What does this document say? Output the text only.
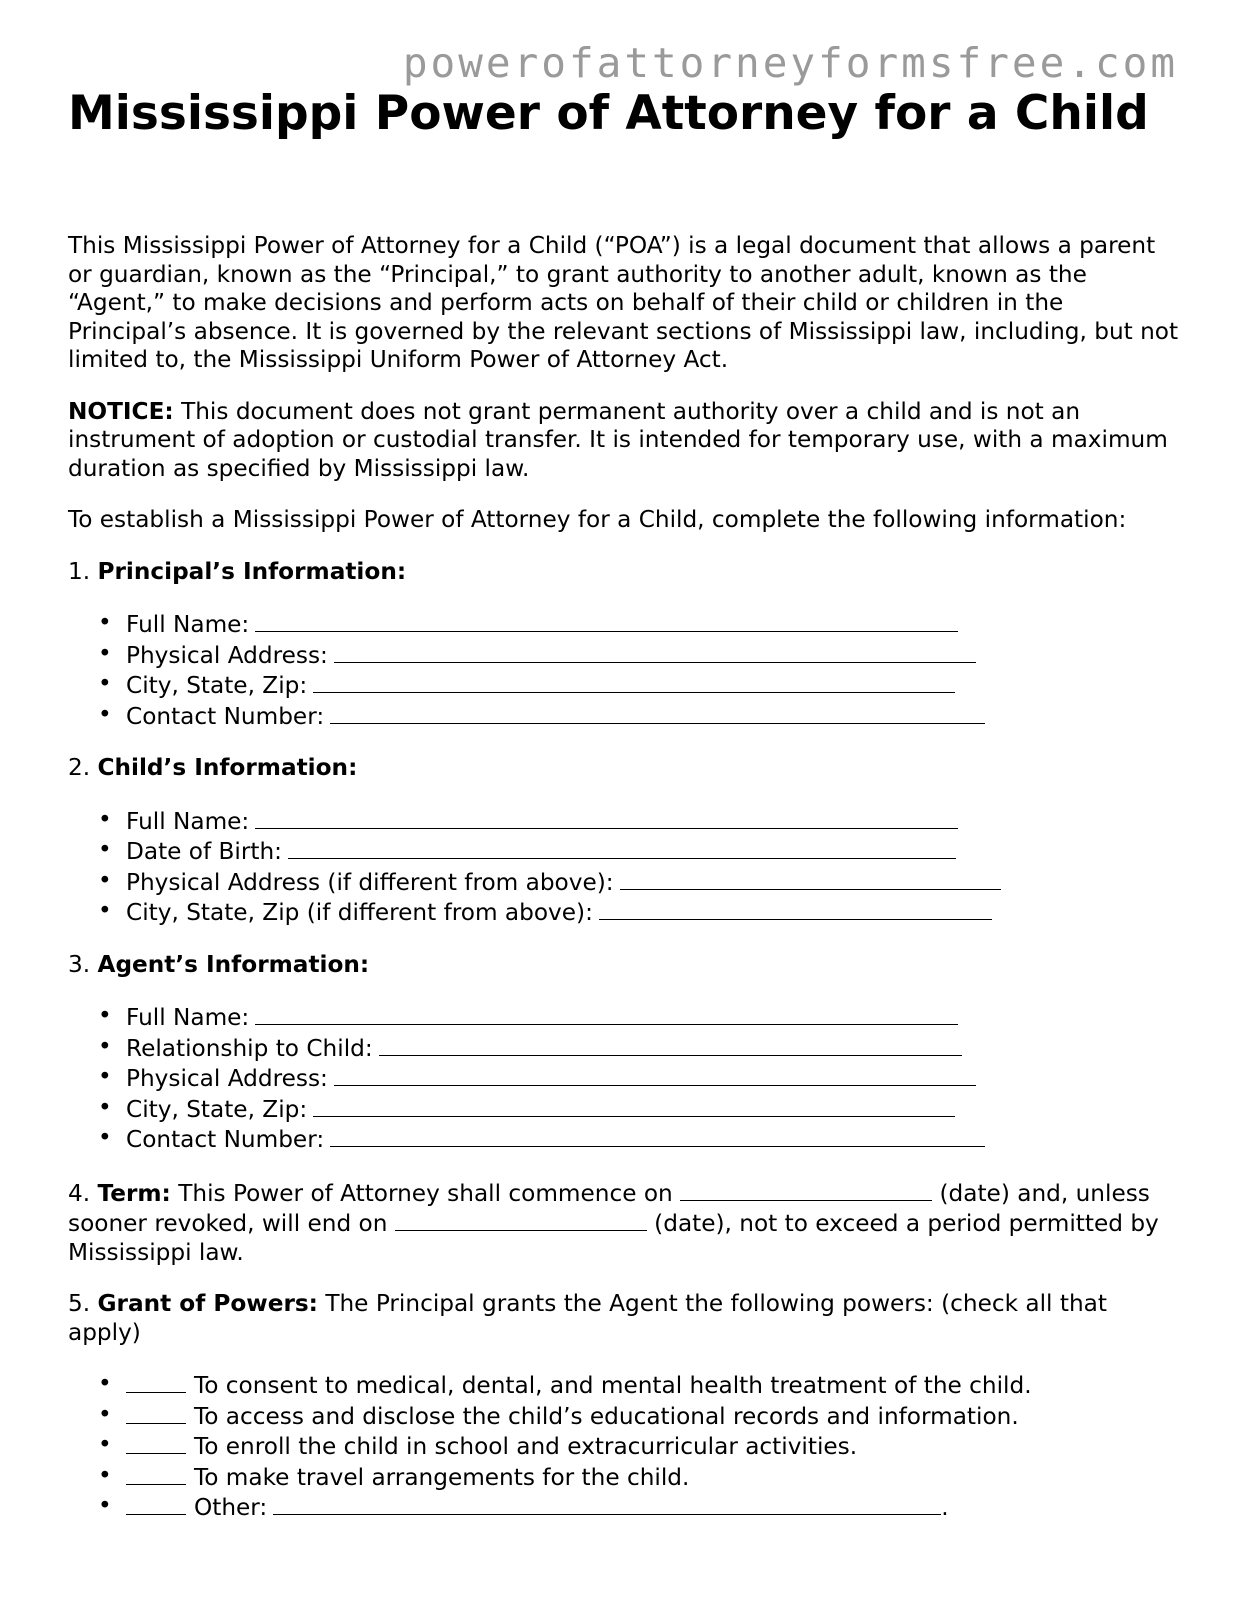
powerofattorneyformsfree.com
Mississippi Power of Attorney for a Child

This Mississippi Power of Attorney for a Child (“POA”) is a legal document that allows a parent or guardian, known as the “Principal,” to grant authority to another adult, known as the “Agent,” to make decisions and perform acts on behalf of their child or children in the Principal’s absence. It is governed by the relevant sections of Mississippi law, including, but not limited to, the Mississippi Uniform Power of Attorney Act.

NOTICE: This document does not grant permanent authority over a child and is not an instrument of adoption or custodial transfer. It is intended for temporary use, with a maximum duration as specified by Mississippi law.

To establish a Mississippi Power of Attorney for a Child, complete the following information:

1. Principal’s Information:

• Full Name:
• Physical Address:
• City, State, Zip:
• Contact Number:

2. Child’s Information:

• Full Name:
• Date of Birth:
• Physical Address (if different from above):
• City, State, Zip (if different from above):

3. Agent’s Information:

• Full Name:
• Relationship to Child:
• Physical Address:
• City, State, Zip:
• Contact Number:

4. Term: This Power of Attorney shall commence on	(date) and, unless sooner revoked, will end on	(date), not to exceed a period permitted by Mississippi law.

5. Grant of Powers: The Principal grants the Agent the following powers: (check all that apply)

•	To consent to medical, dental, and mental health treatment of the child.
•	To access and disclose the child’s educational records and information.
•	To enroll the child in school and extracurricular activities.
•	To make travel arrangements for the child.
•	Other:	.
